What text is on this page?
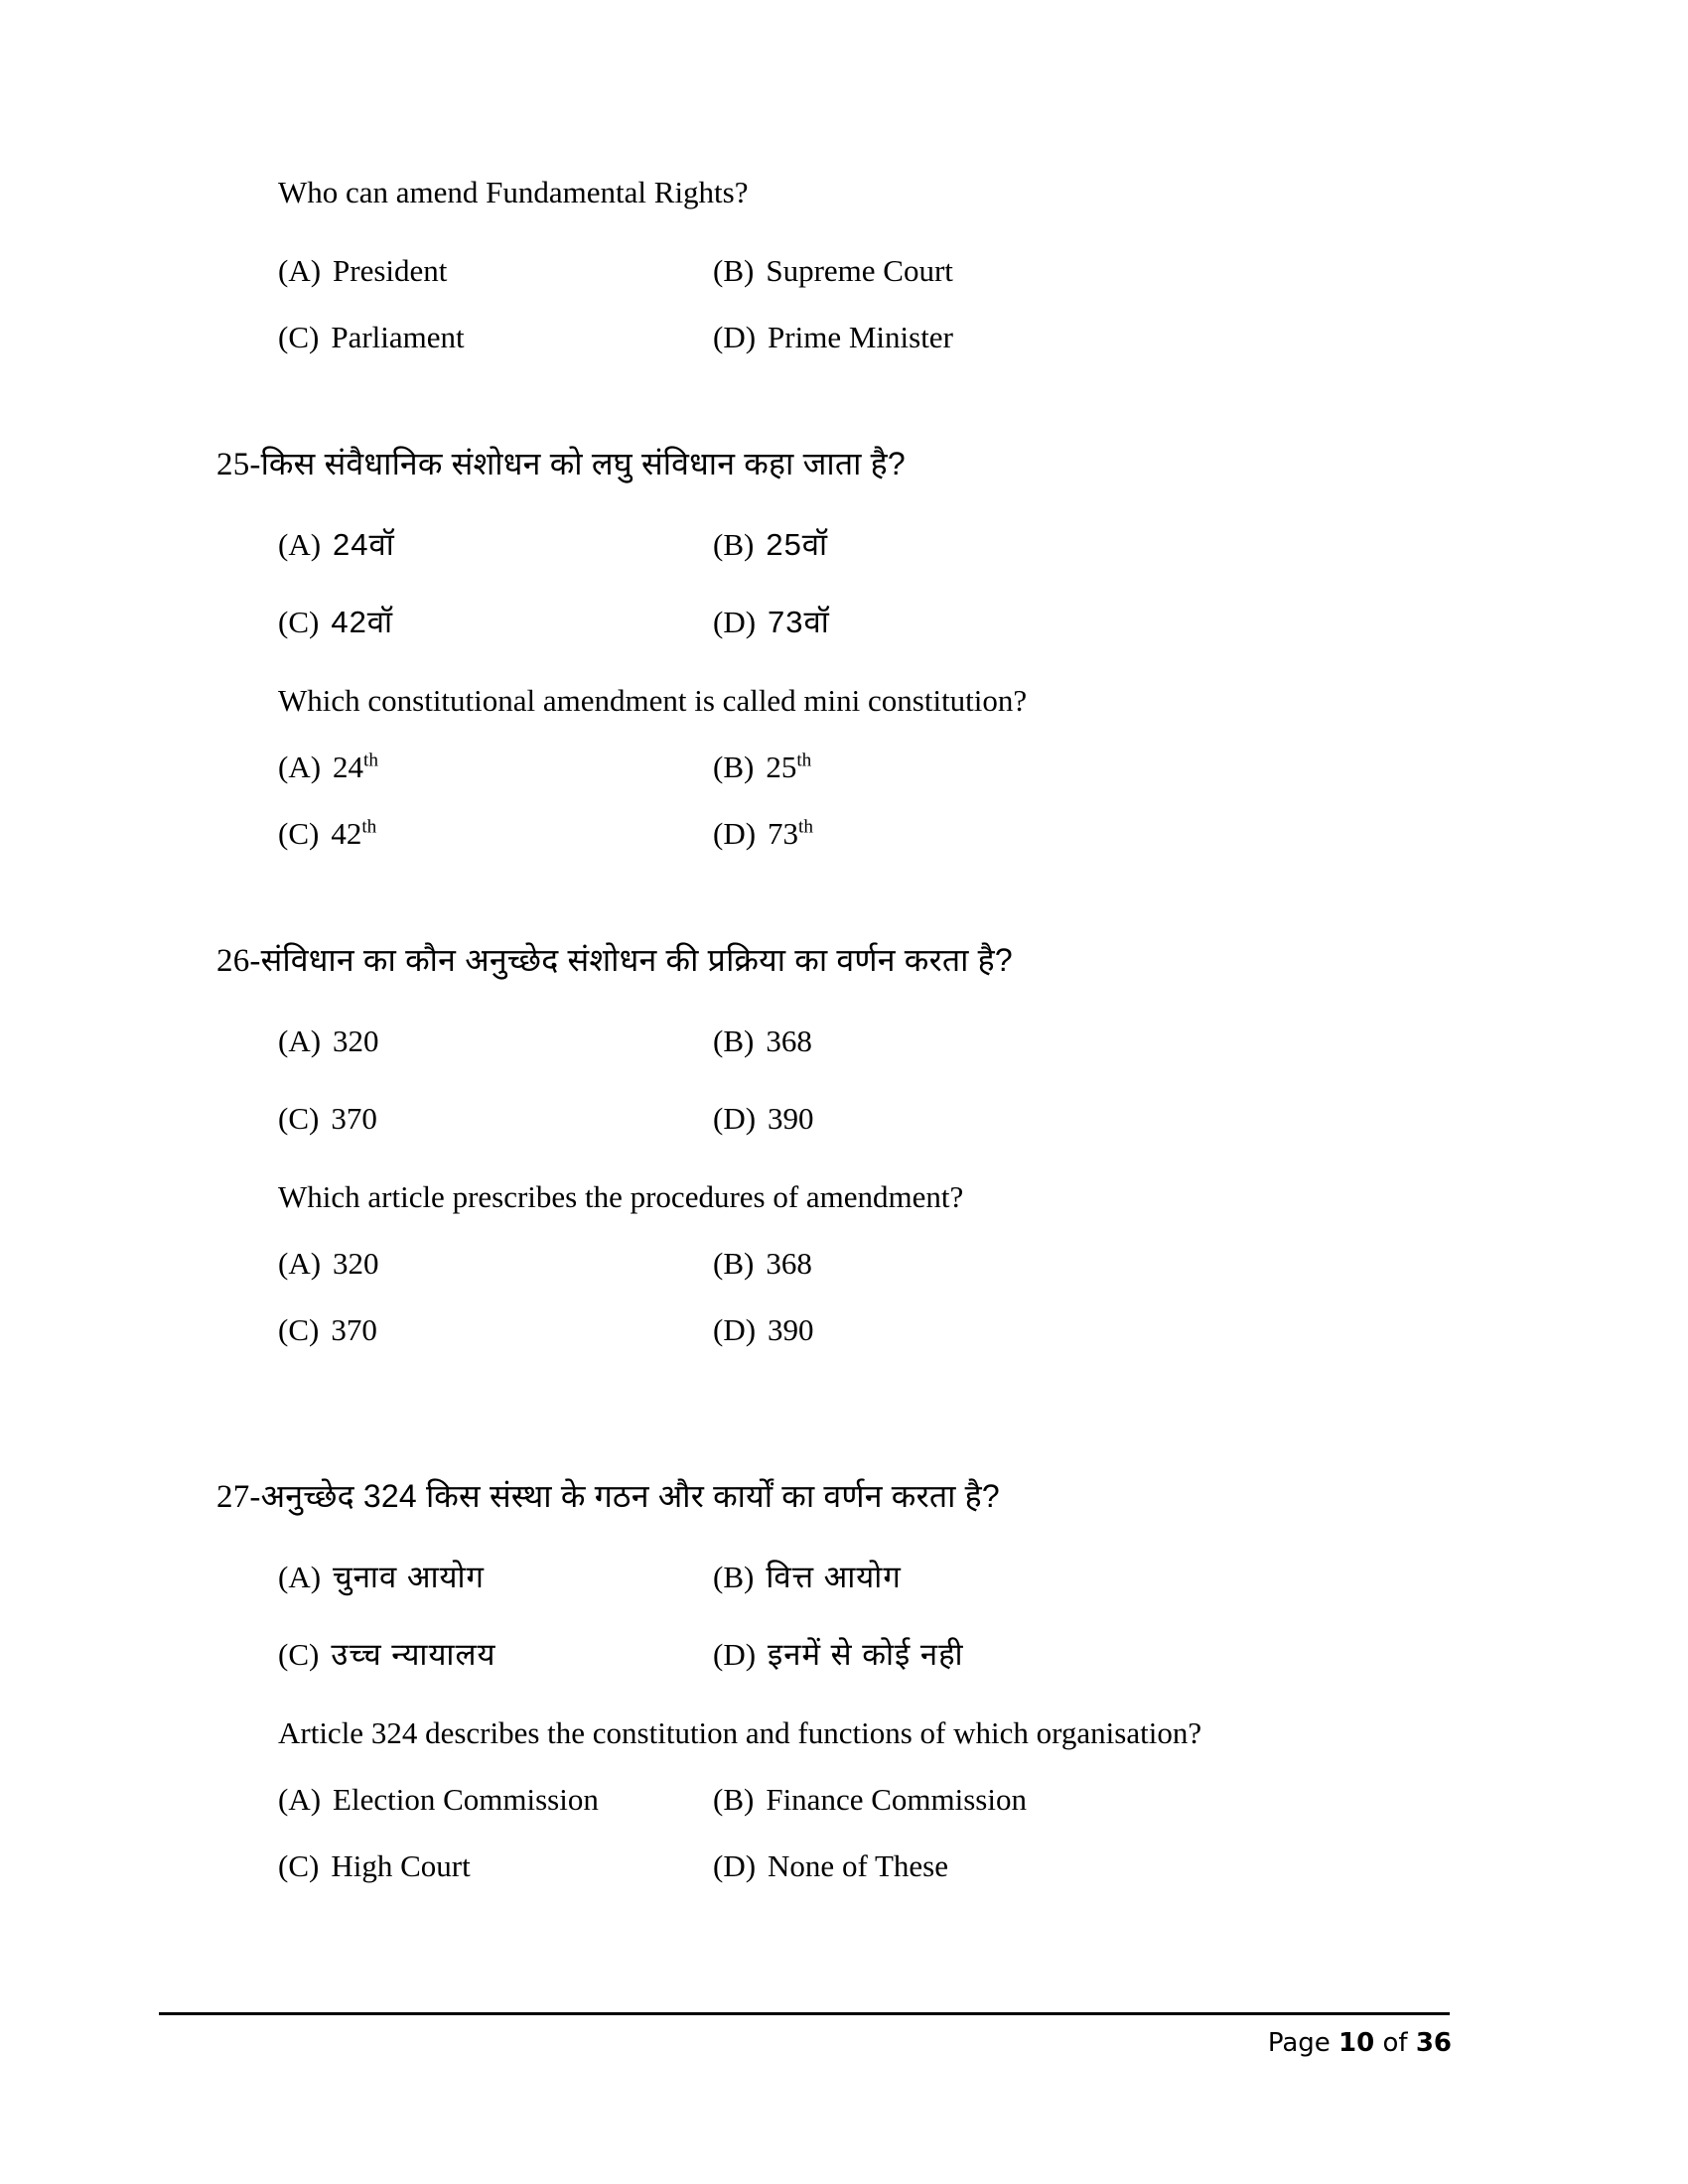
Who can amend Fundamental Rights?
(A) President	(B) Supreme Court
(C) Parliament	(D) Prime Minister
25-किस संवैधानिक संशोधन को लघु संविधान कहा जाता है?
(A) 24वॉ	(B) 25वॉ
(C) 42वॉ	(D) 73वॉ
Which constitutional amendment is called mini constitution?
(A) 24th	(B) 25th
(C) 42th	(D) 73th
26-संविधान का कौन अनुच्छेद संशोधन की प्रक्रिया का वर्णन करता है?
(A) 320	(B) 368
(C) 370	(D) 390
Which article prescribes the procedures of amendment?
(A) 320	(B) 368
(C) 370	(D) 390
27-अनुच्छेद 324 किस संस्था के गठन और कार्यों का वर्णन करता है?
(A) चुनाव आयोग	(B) वित्त आयोग
(C) उच्च न्यायालय	(D) इनमें से कोई नही
Article 324 describes the constitution and functions of which organisation?
(A) Election Commission	(B) Finance Commission
(C) High Court	(D) None of These
Page 10 of 36
